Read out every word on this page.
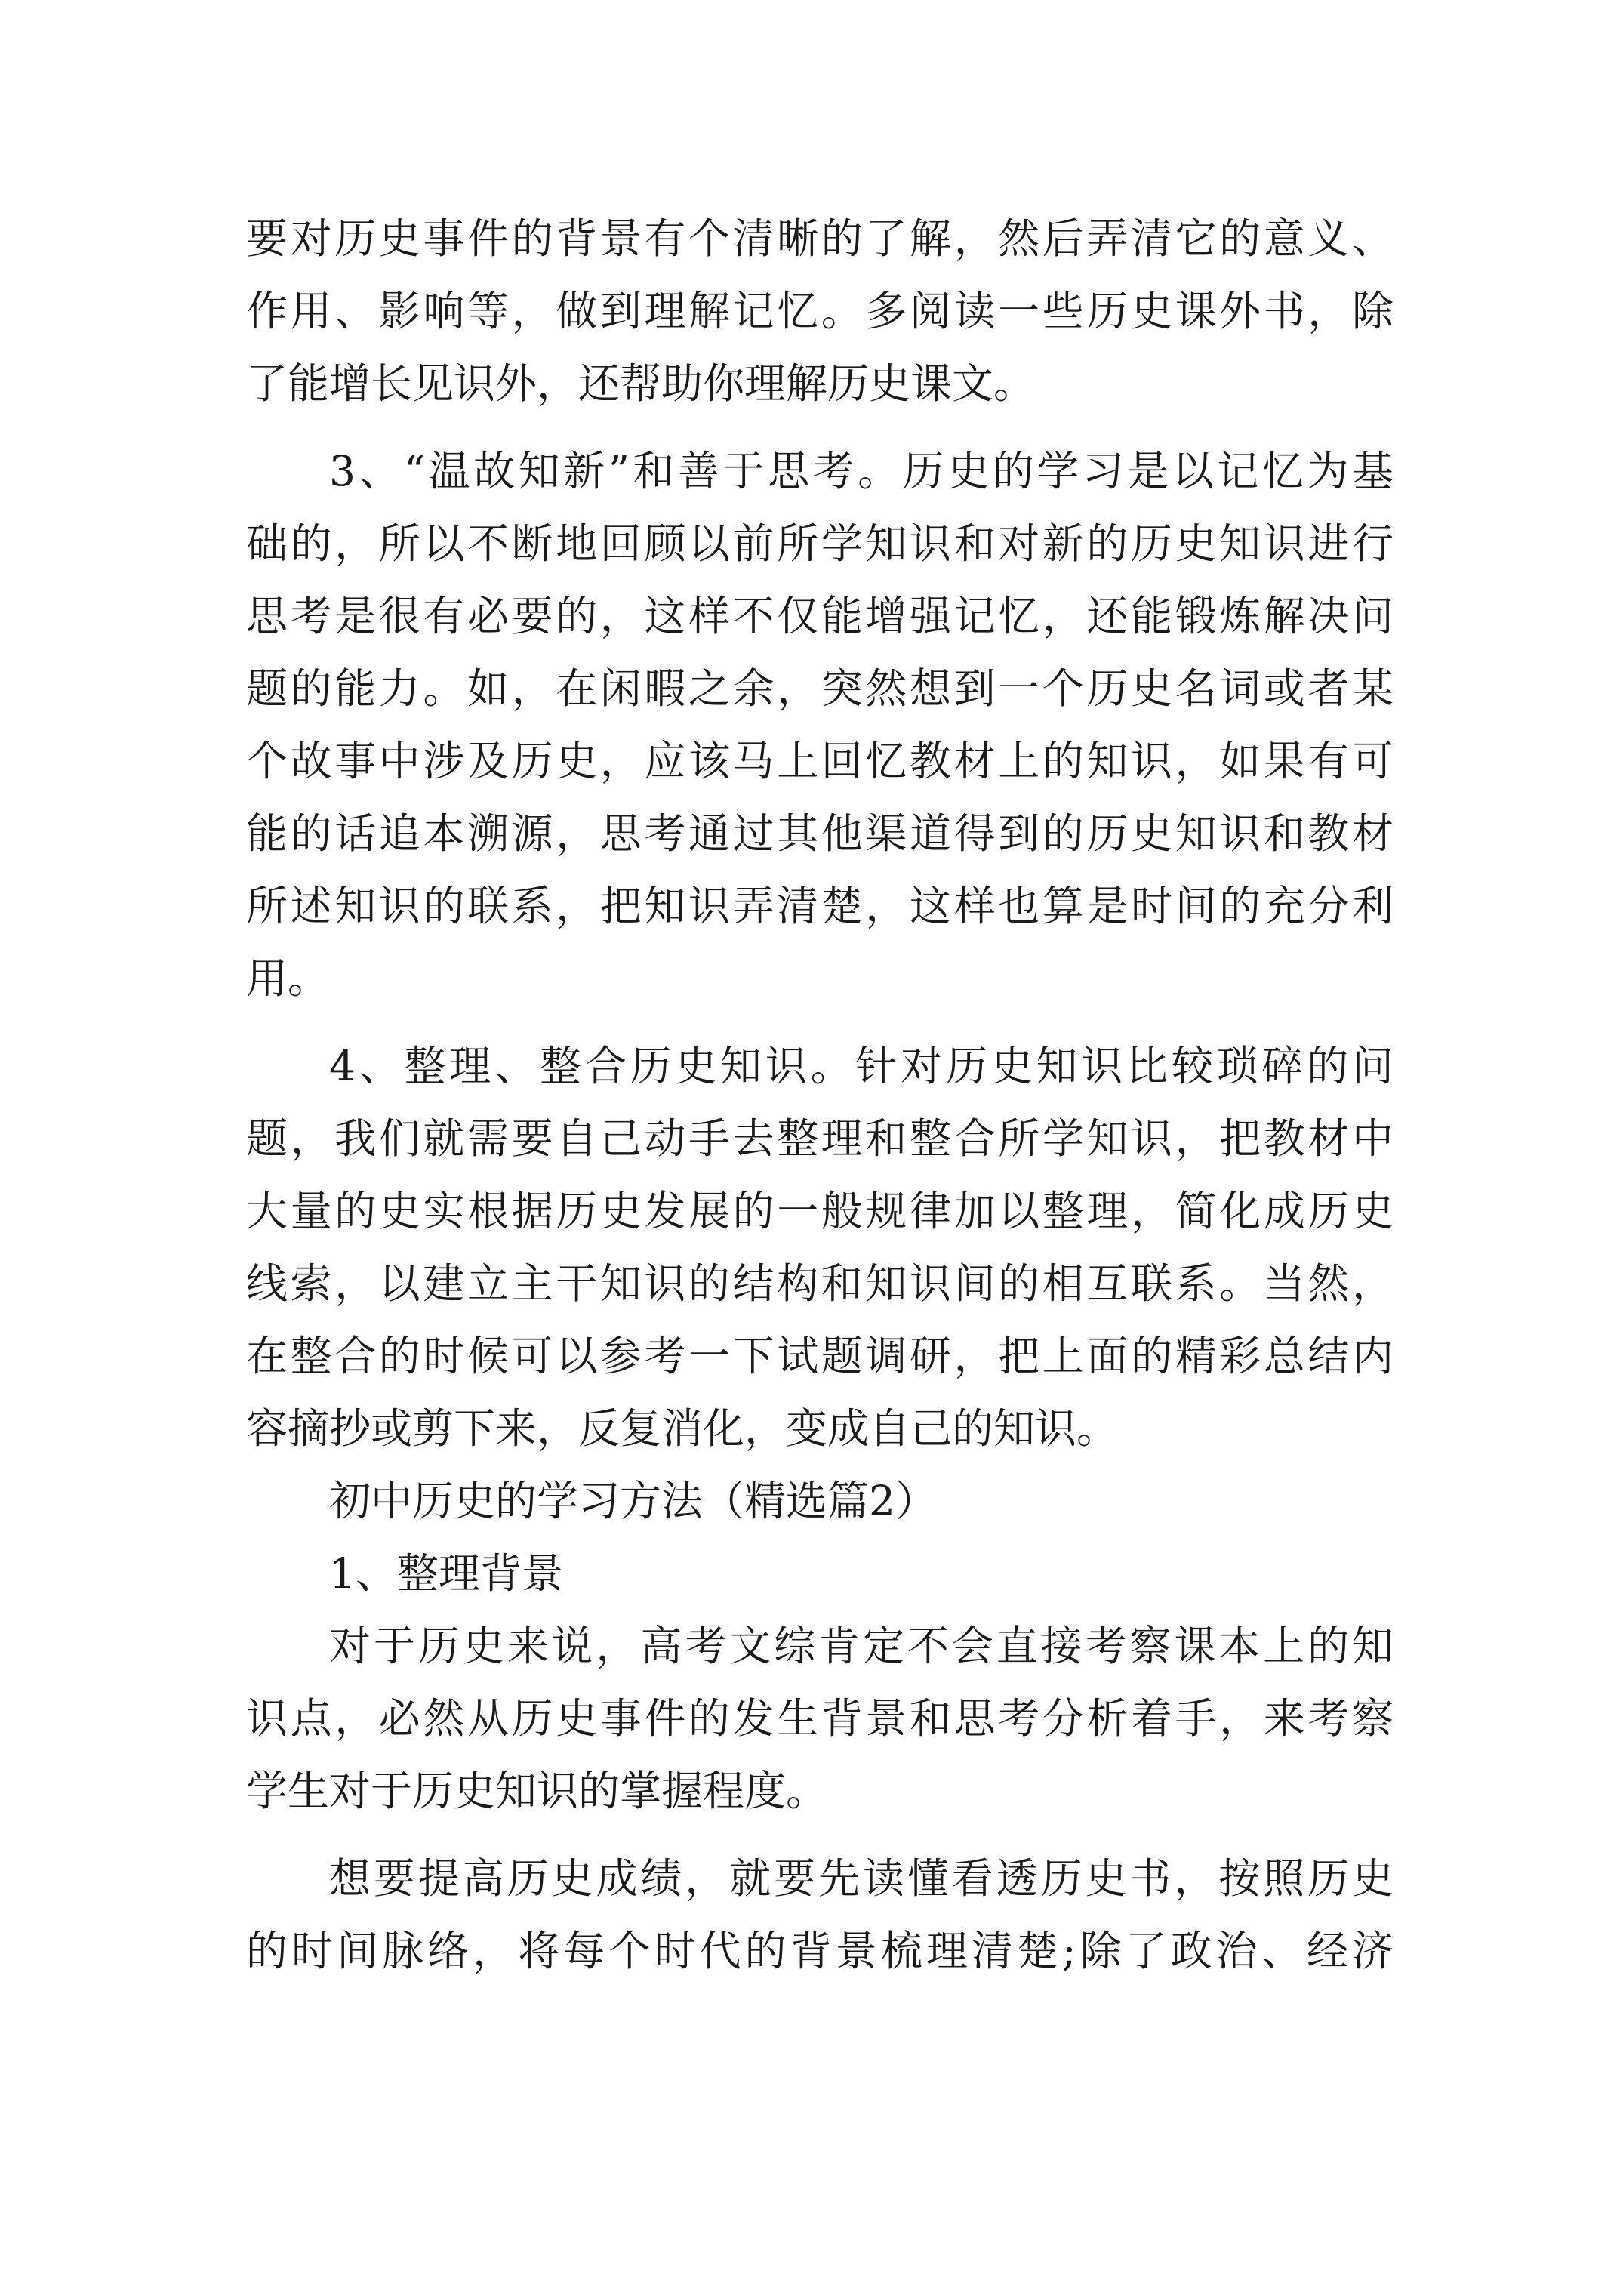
要对历史事件的背景有个清晰的了解，然后弄清它的意义、
作用、影响等，做到理解记忆。多阅读一些历史课外书，除
了能增长见识外，还帮助你理解历史课文。
3、“温故知新”和善于思考。历史的学习是以记忆为基
础的，所以不断地回顾以前所学知识和对新的历史知识进行
思考是很有必要的，这样不仅能增强记忆，还能锻炼解决问
题的能力。如，在闲暇之余，突然想到一个历史名词或者某
个故事中涉及历史，应该马上回忆教材上的知识，如果有可
能的话追本溯源，思考通过其他渠道得到的历史知识和教材
所述知识的联系，把知识弄清楚，这样也算是时间的充分利
用。
4、整理、整合历史知识。针对历史知识比较琐碎的问
题，我们就需要自己动手去整理和整合所学知识，把教材中
大量的史实根据历史发展的一般规律加以整理，简化成历史
线索，以建立主干知识的结构和知识间的相互联系。当然，
在整合的时候可以参考一下试题调研，把上面的精彩总结内
容摘抄或剪下来，反复消化，变成自己的知识。
初中历史的学习方法（精选篇2）
1、整理背景
对于历史来说，高考文综肯定不会直接考察课本上的知
识点，必然从历史事件的发生背景和思考分析着手，来考察
学生对于历史知识的掌握程度。
想要提高历史成绩，就要先读懂看透历史书，按照历史
的时间脉络，将每个时代的背景梳理清楚;除了政治、经济
